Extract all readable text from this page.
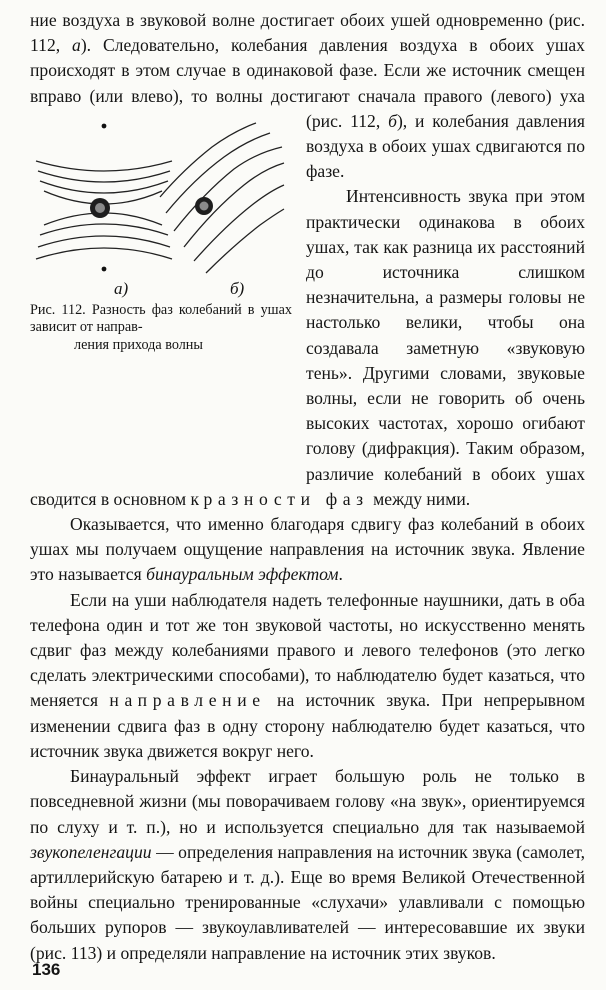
ние воздуха в звуковой волне достигает обоих ушей одновременно (рис. 112, а). Следовательно, колебания давления воздуха в обоих ушах происходят в этом случае в одинаковой фазе. Если же источник смещен вправо (или влево), то волны достигают сначала правого (левого) уха (рис. 112,
а)	б)
Рис. 112. Разность фаз колебаний в ушах зависит от направ-
ления прихода волны
б), и колебания давления воздуха в обоих ушах сдвигаются по фазе.

Интенсивность звука при этом практически одинакова в обоих ушах, так как разница их расстояний до источника слишком незначительна, а размеры головы не настолько велики, чтобы она создавала заметную «звуковую тень». Другими словами, звуковые волны, если не говорить об очень высоких частотах, хорошо огибают голову (дифракция). Таким образом, различие колебаний в обоих ушах сводится в основном к разности фаз между ними.

Оказывается, что именно благодаря сдвигу фаз колебаний в обоих ушах мы получаем ощущение направления на источник звука. Явление это называется бинауральным эффектом.

Если на уши наблюдателя надеть телефонные наушники, дать в оба телефона один и тот же тон звуковой частоты, но искусственно менять сдвиг фаз между колебаниями правого и левого телефонов (это легко сделать электрическими способами), то наблюдателю будет казаться, что меняется направление на источник звука. При непрерывном изменении сдвига фаз в одну сторону наблюдателю будет казаться, что источник звука движется вокруг него.

Бинауральный эффект играет большую роль не только в повседневной жизни (мы поворачиваем голову «на звук», ориентируемся по слуху и т. п.), но и используется специально для так называемой звукопеленгации — определения направления на источник звука (самолет, артиллерийскую батарею и т. д.). Еще во время Великой Отечественной войны специально тренированные «слухачи» улавливали с помощью больших рупоров — звукоулавливателей — интересовавшие их звуки (рис. 113) и определяли направление на источник этих звуков.

136
